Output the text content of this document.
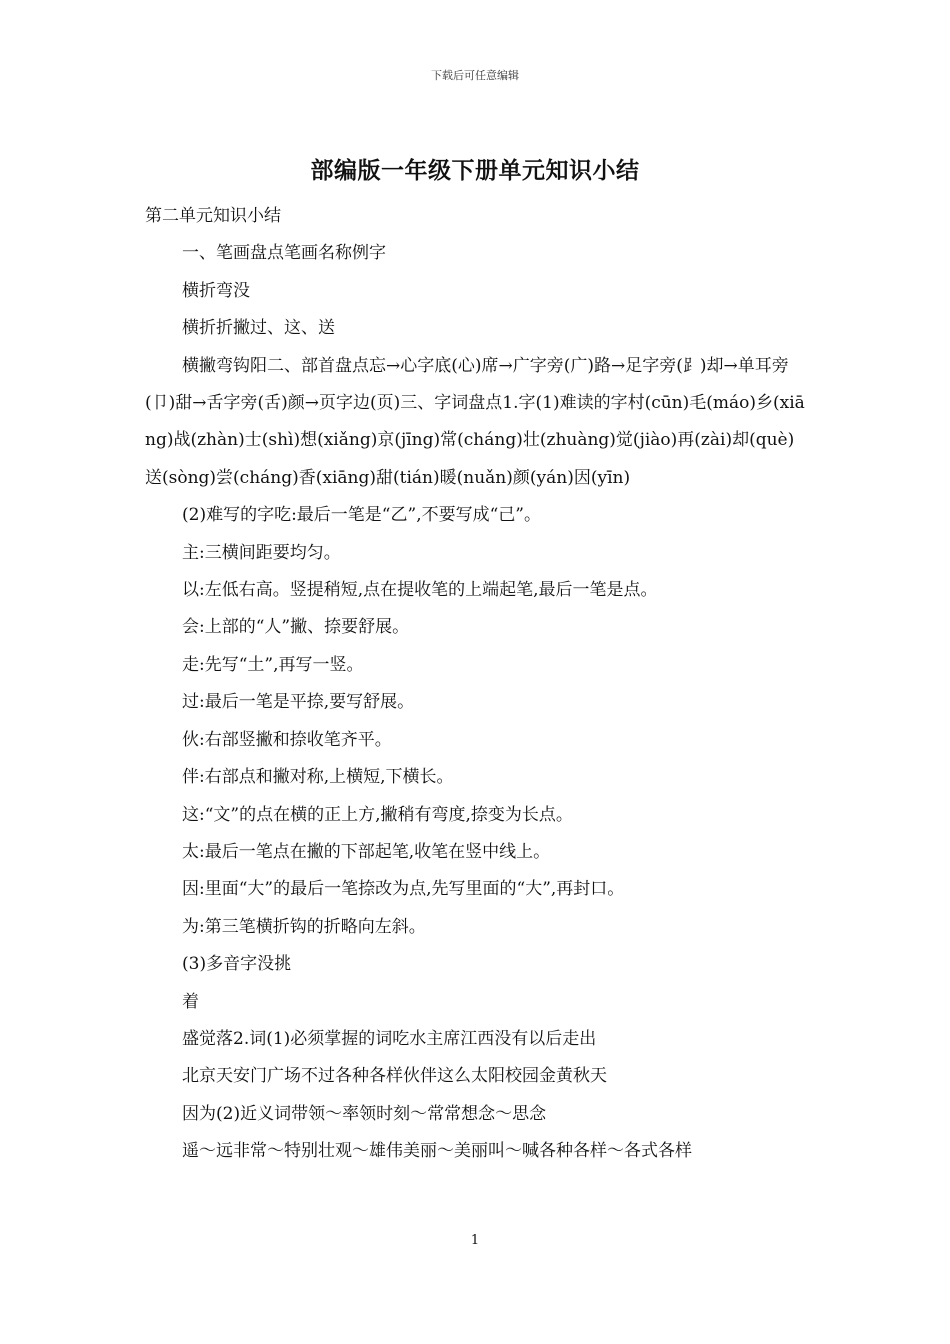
下载后可任意编辑
部编版一年级下册单元知识小结

第二单元知识小结

一、笔画盘点笔画名称例字

横折弯没

横折折撇过、这、送

横撇弯钩阳二、部首盘点忘→心字底(心)席→广字旁(广)路→足字旁(⻊)却→单耳旁(卩)甜→舌字旁(舌)颜→页字边(页)三、字词盘点1.字(1)难读的字村(cūn)毛(máo)乡(xiāng)战(zhàn)士(shì)想(xiǎng)京(jīng)常(cháng)壮(zhuàng)觉(jiào)再(zài)却(què)送(sòng)尝(cháng)香(xiāng)甜(tián)暖(nuǎn)颜(yán)因(yīn)

(2)难写的字吃:最后一笔是“乙”,不要写成“己”。

主:三横间距要均匀。

以:左低右高。竖提稍短,点在提收笔的上端起笔,最后一笔是点。

会:上部的“人”撇、捺要舒展。

走:先写“土”,再写一竖。

过:最后一笔是平捺,要写舒展。

伙:右部竖撇和捺收笔齐平。

伴:右部点和撇对称,上横短,下横长。

这:“文”的点在横的正上方,撇稍有弯度,捺变为长点。

太:最后一笔点在撇的下部起笔,收笔在竖中线上。

因:里面“大”的最后一笔捺改为点,先写里面的“大”,再封口。

为:第三笔横折钩的折略向左斜。

(3)多音字没挑

着

盛觉落2.词(1)必须掌握的词吃水主席江西没有以后走出

北京天安门广场不过各种各样伙伴这么太阳校园金黄秋天

因为(2)近义词带领～率领时刻～常常想念～思念

遥～远非常～特别壮观～雄伟美丽～美丽叫～喊各种各样～各式各样

1
